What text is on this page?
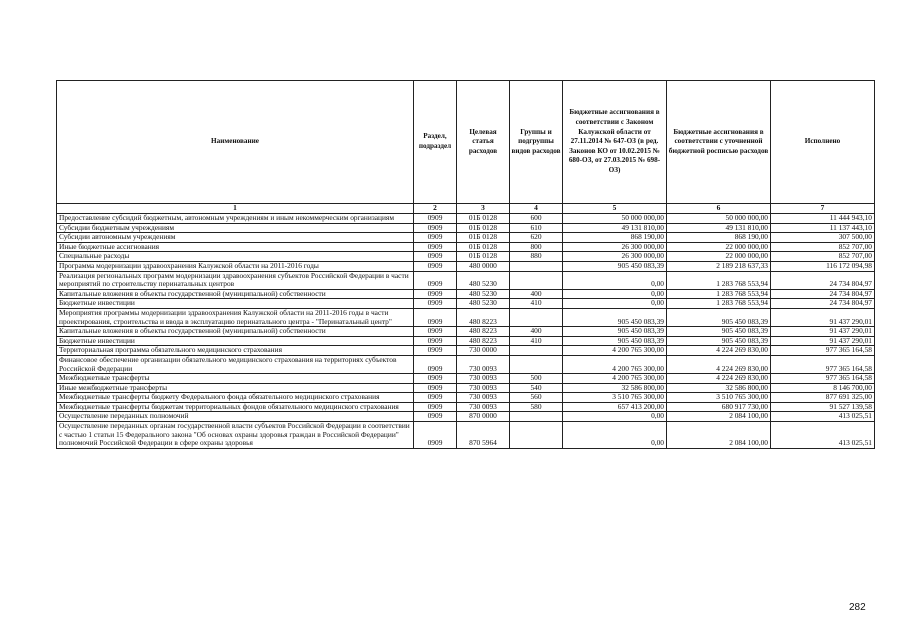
Наименование	Раздел, подраздел	Целевая статья расходов	Группы и подгруппы видов расходов	Бюджетные ассигнования в соответствии с Законом Калужской области от 27.11.2014 № 647-ОЗ (в ред. Законов КО от 10.02.2015 № 680-ОЗ, от 27.03.2015 № 698-ОЗ)	Бюджетные ассигнования в соответствии с уточненной бюджетной росписью расходов	Исполнено
1	2	3	4	5	6	7
Предоставление субсидий бюджетным, автономным учреждениям и иным некоммерческим организациям	0909	01Б 0128	600	50 000 000,00	50 000 000,00	11 444 943,10
Субсидии бюджетным учреждениям	0909	01Б 0128	610	49 131 810,00	49 131 810,00	11 137 443,10
Субсидии автономным учреждениям	0909	01Б 0128	620	868 190,00	868 190,00	307 500,00
Иные бюджетные ассигнования	0909	01Б 0128	800	26 300 000,00	22 000 000,00	852 707,00
Специальные расходы	0909	01Б 0128	880	26 300 000,00	22 000 000,00	852 707,00
Программа модернизации здравоохранения Калужской области на 2011-2016 годы	0909	480 0000		905 450 083,39	2 189 218 637,33	116 172 094,98
Реализация региональных программ модернизации здравоохранения субъектов Российской Федерации в части мероприятий по строительству перинатальных центров	0909	480 5230		0,00	1 283 768 553,94	24 734 804,97
Капитальные вложения в объекты государственной (муниципальной) собственности	0909	480 5230	400	0,00	1 283 768 553,94	24 734 804,97
Бюджетные инвестиции	0909	480 5230	410	0,00	1 283 768 553,94	24 734 804,97
Мероприятия программы модернизации здравоохранения Калужской области на 2011-2016 годы в части проектирования, строительства и ввода в эксплуатацию перинатального центра - "Перинатальный центр"	0909	480 8223		905 450 083,39	905 450 083,39	91 437 290,01
Капитальные вложения в объекты государственной (муниципальной) собственности	0909	480 8223	400	905 450 083,39	905 450 083,39	91 437 290,01
Бюджетные инвестиции	0909	480 8223	410	905 450 083,39	905 450 083,39	91 437 290,01
Территориальная программа обязательного медицинского страхования	0909	730 0000		4 200 765 300,00	4 224 269 830,00	977 365 164,58
Финансовое обеспечение организации обязательного медицинского страхования на территориях субъектов Российской Федерации	0909	730 0093		4 200 765 300,00	4 224 269 830,00	977 365 164,58
Межбюджетные трансферты	0909	730 0093	500	4 200 765 300,00	4 224 269 830,00	977 365 164,58
Иные межбюджетные трансферты	0909	730 0093	540	32 586 800,00	32 586 800,00	8 146 700,00
Межбюджетные трансферты бюджету Федерального фонда обязательного медицинского страхования	0909	730 0093	560	3 510 765 300,00	3 510 765 300,00	877 691 325,00
Межбюджетные трансферты бюджетам территориальных фондов обязательного медицинского страхования	0909	730 0093	580	657 413 200,00	680 917 730,00	91 527 139,58
Осуществление переданных полномочий	0909	870 0000		0,00	2 084 100,00	413 025,51
Осуществление переданных органам государственной власти субъектов Российской Федерации в соответствии с частью 1 статьи 15 Федерального закона "Об основах охраны здоровья граждан в Российской Федерации" полномочий Российской Федерации в сфере охраны здоровья	0909	870 5964		0,00	2 084 100,00	413 025,51
282
